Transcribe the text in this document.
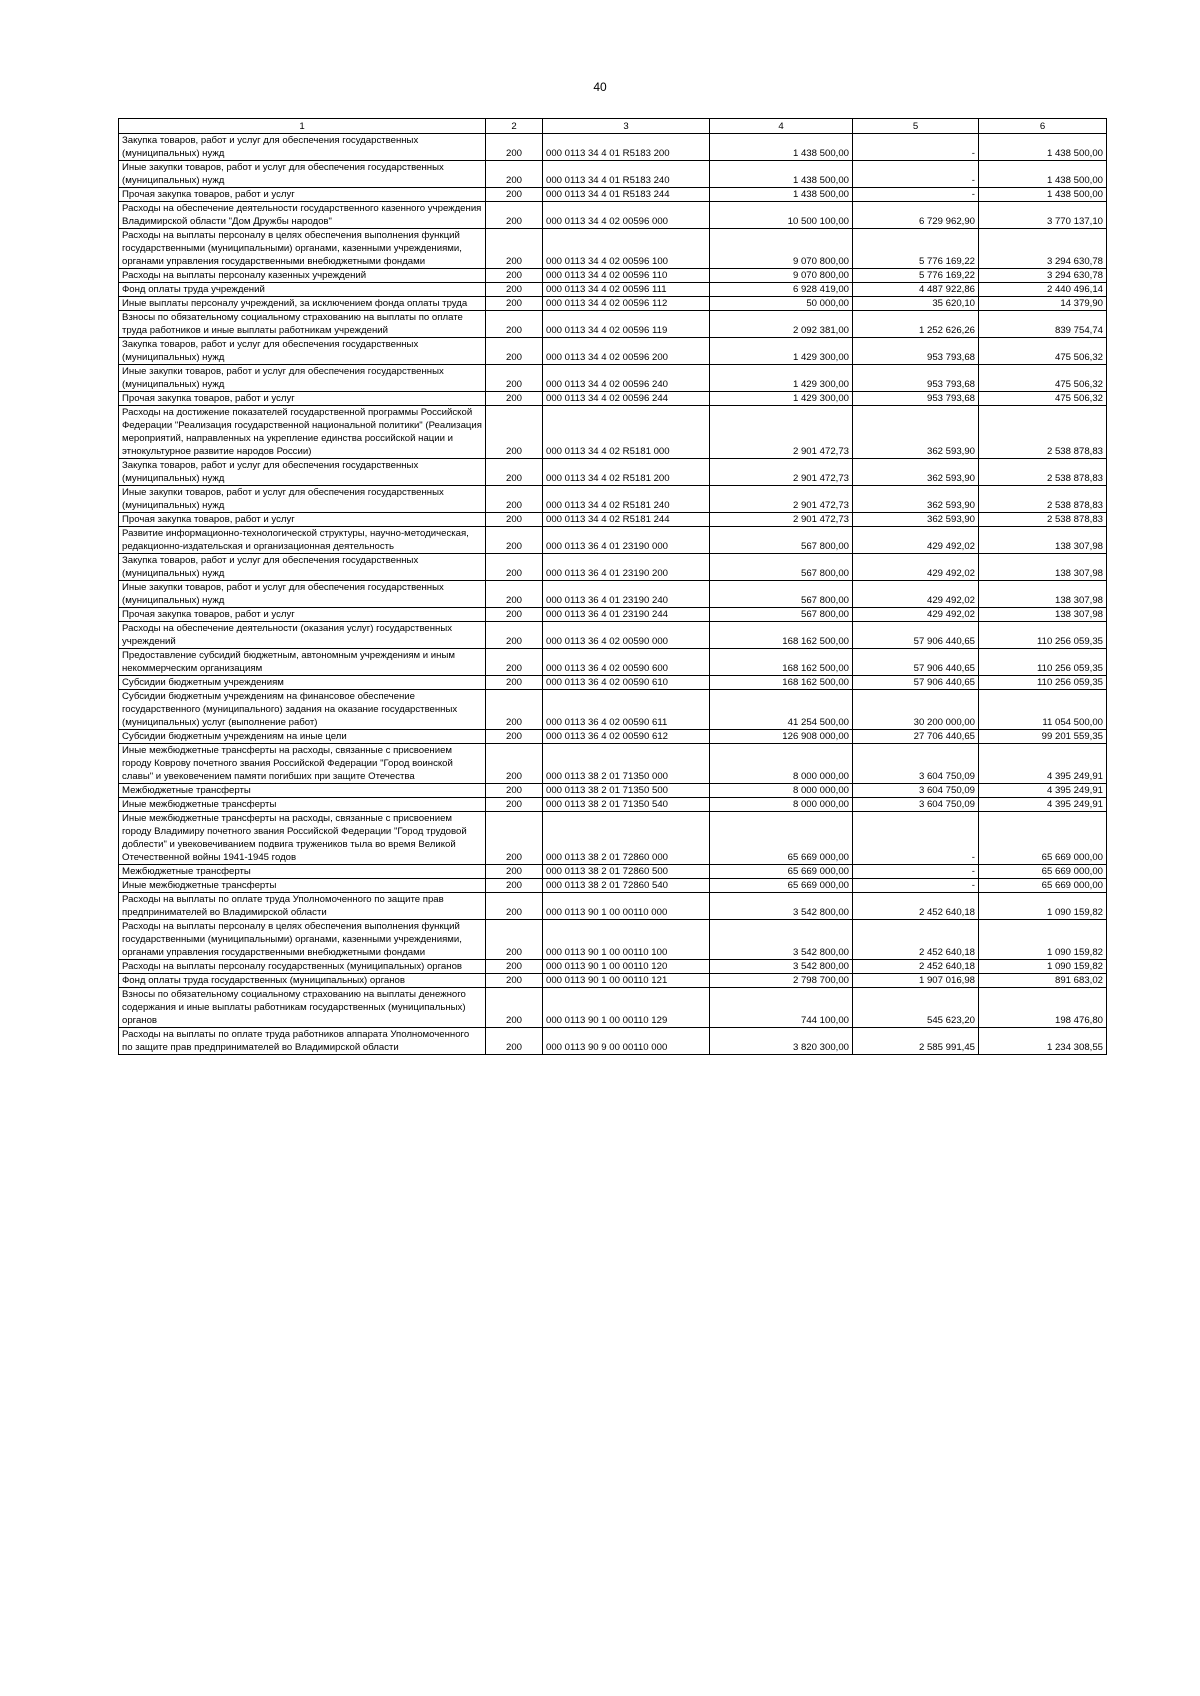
40
1	2	3	4	5	6
Закупка товаров, работ и услуг для обеспечения государственных (муниципальных) нужд	200	000 0113 34 4 01 R5183 200	1 438 500,00	-	1 438 500,00
Иные закупки товаров, работ и услуг для обеспечения государственных (муниципальных) нужд	200	000 0113 34 4 01 R5183 240	1 438 500,00	-	1 438 500,00
Прочая закупка товаров, работ и услуг	200	000 0113 34 4 01 R5183 244	1 438 500,00	-	1 438 500,00
Расходы на обеспечение деятельности государственного казенного учреждения Владимирской области "Дом Дружбы народов"	200	000 0113 34 4 02 00596 000	10 500 100,00	6 729 962,90	3 770 137,10
Расходы на выплаты персоналу в целях обеспечения выполнения функций государственными (муниципальными) органами, казенными учреждениями, органами управления государственными внебюджетными фондами	200	000 0113 34 4 02 00596 100	9 070 800,00	5 776 169,22	3 294 630,78
Расходы на выплаты персоналу казенных учреждений	200	000 0113 34 4 02 00596 110	9 070 800,00	5 776 169,22	3 294 630,78
Фонд оплаты труда учреждений	200	000 0113 34 4 02 00596 111	6 928 419,00	4 487 922,86	2 440 496,14
Иные выплаты персоналу учреждений, за исключением фонда оплаты труда	200	000 0113 34 4 02 00596 112	50 000,00	35 620,10	14 379,90
Взносы по обязательному социальному страхованию на выплаты по оплате труда работников и иные выплаты работникам учреждений	200	000 0113 34 4 02 00596 119	2 092 381,00	1 252 626,26	839 754,74
Закупка товаров, работ и услуг для обеспечения государственных (муниципальных) нужд	200	000 0113 34 4 02 00596 200	1 429 300,00	953 793,68	475 506,32
Иные закупки товаров, работ и услуг для обеспечения государственных (муниципальных) нужд	200	000 0113 34 4 02 00596 240	1 429 300,00	953 793,68	475 506,32
Прочая закупка товаров, работ и услуг	200	000 0113 34 4 02 00596 244	1 429 300,00	953 793,68	475 506,32
Расходы на достижение показателей государственной программы Российской Федерации "Реализация государственной национальной политики" (Реализация мероприятий, направленных на укрепление единства российской нации и этнокультурное развитие народов России)	200	000 0113 34 4 02 R5181 000	2 901 472,73	362 593,90	2 538 878,83
Закупка товаров, работ и услуг для обеспечения государственных (муниципальных) нужд	200	000 0113 34 4 02 R5181 200	2 901 472,73	362 593,90	2 538 878,83
Иные закупки товаров, работ и услуг для обеспечения государственных (муниципальных) нужд	200	000 0113 34 4 02 R5181 240	2 901 472,73	362 593,90	2 538 878,83
Прочая закупка товаров, работ и услуг	200	000 0113 34 4 02 R5181 244	2 901 472,73	362 593,90	2 538 878,83
Развитие информационно-технологической структуры, научно-методическая, редакционно-издательская и организационная деятельность	200	000 0113 36 4 01 23190 000	567 800,00	429 492,02	138 307,98
Закупка товаров, работ и услуг для обеспечения государственных (муниципальных) нужд	200	000 0113 36 4 01 23190 200	567 800,00	429 492,02	138 307,98
Иные закупки товаров, работ и услуг для обеспечения государственных (муниципальных) нужд	200	000 0113 36 4 01 23190 240	567 800,00	429 492,02	138 307,98
Прочая закупка товаров, работ и услуг	200	000 0113 36 4 01 23190 244	567 800,00	429 492,02	138 307,98
Расходы на обеспечение деятельности (оказания услуг) государственных учреждений	200	000 0113 36 4 02 00590 000	168 162 500,00	57 906 440,65	110 256 059,35
Предоставление субсидий бюджетным, автономным учреждениям и иным некоммерческим организациям	200	000 0113 36 4 02 00590 600	168 162 500,00	57 906 440,65	110 256 059,35
Субсидии бюджетным учреждениям	200	000 0113 36 4 02 00590 610	168 162 500,00	57 906 440,65	110 256 059,35
Субсидии бюджетным учреждениям на финансовое обеспечение государственного (муниципального) задания на оказание государственных (муниципальных) услуг (выполнение работ)	200	000 0113 36 4 02 00590 611	41 254 500,00	30 200 000,00	11 054 500,00
Субсидии бюджетным учреждениям на иные цели	200	000 0113 36 4 02 00590 612	126 908 000,00	27 706 440,65	99 201 559,35
Иные межбюджетные трансферты на расходы, связанные с присвоением городу Коврову почетного звания Российской Федерации "Город воинской славы" и увековечением памяти погибших при защите Отечества	200	000 0113 38 2 01 71350 000	8 000 000,00	3 604 750,09	4 395 249,91
Межбюджетные трансферты	200	000 0113 38 2 01 71350 500	8 000 000,00	3 604 750,09	4 395 249,91
Иные межбюджетные трансферты	200	000 0113 38 2 01 71350 540	8 000 000,00	3 604 750,09	4 395 249,91
Иные межбюджетные трансферты на расходы, связанные с присвоением городу Владимиру почетного звания Российской Федерации "Город трудовой доблести" и увековечиванием подвига тружеников тыла во время Великой Отечественной войны 1941-1945 годов	200	000 0113 38 2 01 72860 000	65 669 000,00	-	65 669 000,00
Межбюджетные трансферты	200	000 0113 38 2 01 72860 500	65 669 000,00	-	65 669 000,00
Иные межбюджетные трансферты	200	000 0113 38 2 01 72860 540	65 669 000,00	-	65 669 000,00
Расходы на выплаты по оплате труда Уполномоченного по защите прав предпринимателей во Владимирской области	200	000 0113 90 1 00 00110 000	3 542 800,00	2 452 640,18	1 090 159,82
Расходы на выплаты персоналу в целях обеспечения выполнения функций государственными (муниципальными) органами, казенными учреждениями, органами управления государственными внебюджетными фондами	200	000 0113 90 1 00 00110 100	3 542 800,00	2 452 640,18	1 090 159,82
Расходы на выплаты персоналу государственных (муниципальных) органов	200	000 0113 90 1 00 00110 120	3 542 800,00	2 452 640,18	1 090 159,82
Фонд оплаты труда государственных (муниципальных) органов	200	000 0113 90 1 00 00110 121	2 798 700,00	1 907 016,98	891 683,02
Взносы по обязательному социальному страхованию на выплаты денежного содержания и иные выплаты работникам государственных (муниципальных) органов	200	000 0113 90 1 00 00110 129	744 100,00	545 623,20	198 476,80
Расходы на выплаты по оплате труда работников аппарата Уполномоченного по защите прав предпринимателей во Владимирской области	200	000 0113 90 9 00 00110 000	3 820 300,00	2 585 991,45	1 234 308,55
